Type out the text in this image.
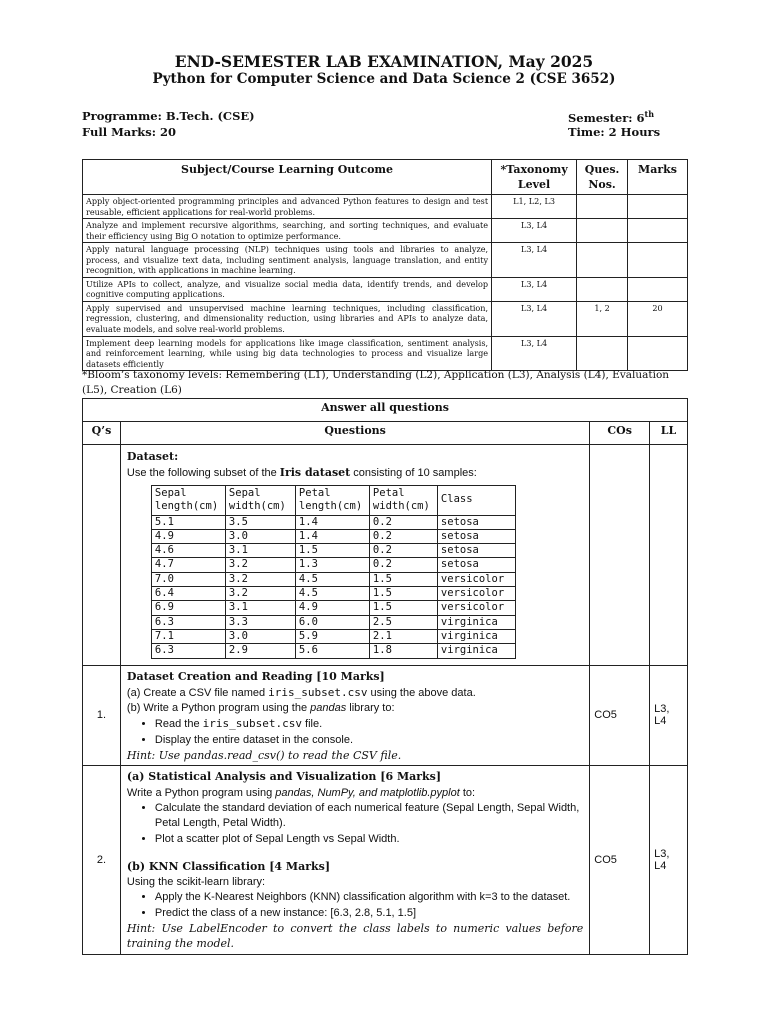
END-SEMESTER LAB EXAMINATION, May 2025
Python for Computer Science and Data Science 2 (CSE 3652)
Programme: B.Tech. (CSE)	Semester: 6th
Full Marks: 20	Time: 2 Hours
Subject/Course Learning Outcome	*Taxonomy Level	Ques. Nos.	Marks
Apply object-oriented programming principles and advanced Python features to design and test reusable, efficient applications for real-world problems.	L1, L2, L3		
Analyze and implement recursive algorithms, searching, and sorting techniques, and evaluate their efficiency using Big O notation to optimize performance.	L3, L4		
Apply natural language processing (NLP) techniques using tools and libraries to analyze, process, and visualize text data, including sentiment analysis, language translation, and entity recognition, with applications in machine learning.	L3, L4		
Utilize APIs to collect, analyze, and visualize social media data, identify trends, and develop cognitive computing applications.	L3, L4		
Apply supervised and unsupervised machine learning techniques, including classification, regression, clustering, and dimensionality reduction, using libraries and APIs to analyze data, evaluate models, and solve real-world problems.	L3, L4	1, 2	20
Implement deep learning models for applications like image classification, sentiment analysis, and reinforcement learning, while using big data technologies to process and visualize large datasets efficiently	L3, L4		
*Bloom’s taxonomy levels: Remembering (L1), Understanding (L2), Application (L3), Analysis (L4), Evaluation (L5), Creation (L6)
Answer all questions
Q’s	Questions	COs	LL

Dataset:
Use the following subset of the Iris dataset consisting of 10 samples:
Sepal length(cm)	Sepal width(cm)	Petal length(cm)	Petal width(cm)	Class
5.1	3.5	1.4	0.2	setosa
4.9	3.0	1.4	0.2	setosa
4.6	3.1	1.5	0.2	setosa
4.7	3.2	1.3	0.2	setosa
7.0	3.2	4.5	1.5	versicolor
6.4	3.2	4.5	1.5	versicolor
6.9	3.1	4.9	1.5	versicolor
6.3	3.3	6.0	2.5	virginica
7.1	3.0	5.9	2.1	virginica
6.3	2.9	5.6	1.8	virginica

1.	
Dataset Creation and Reading [10 Marks]
(a) Create a CSV file named iris_subset.csv using the above data.
(b) Write a Python program using the pandas library to:
• Read the iris_subset.csv file.
• Display the entire dataset in the console.
Hint: Use pandas.read_csv() to read the CSV file.
	CO5	L3, L4
2.	
(a) Statistical Analysis and Visualization [6 Marks]
Write a Python program using pandas, NumPy, and matplotlib.pyplot to:
• Calculate the standard deviation of each numerical feature (Sepal Length, Sepal Width, Petal Length, Petal Width).
• Plot a scatter plot of Sepal Length vs Sepal Width.
(b) KNN Classification [4 Marks]
Using the scikit-learn library:
• Apply the K-Nearest Neighbors (KNN) classification algorithm with k=3 to the dataset.
• Predict the class of a new instance: [6.3, 2.8, 5.1, 1.5]
Hint: Use LabelEncoder to convert the class labels to numeric values before training the model.
	CO5	L3, L4
